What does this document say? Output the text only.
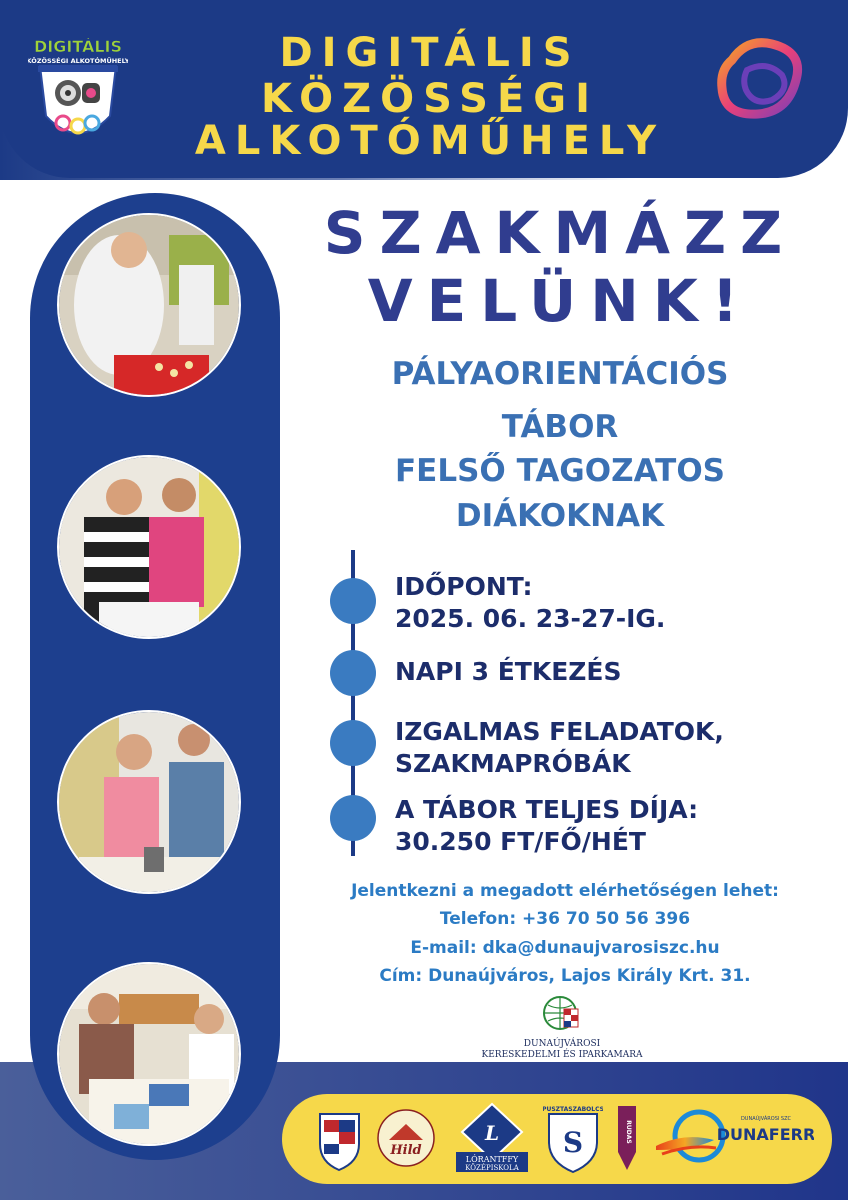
DIGITÁLIS
KÖZÖSSÉGI
ALKOTÓMŰHELY
DIGITÁLIS
KÖZÖSSÉGI ALKOTÓMŰHELY
SZAKMÁZZ
VELÜNK!
PÁLYAORIENTÁCIÓS
TÁBOR
FELSŐ TAGOZATOS
DIÁKOKNAK
IDŐPONT:
2025. 06. 23-27-IG.
NAPI 3 ÉTKEZÉS
IZGALMAS FELADATOK,
SZAKMAPRÓBÁK
A TÁBOR TELJES DÍJA:
30.250 FT/FŐ/HÉT
Jelentkezni a megadott elérhetőségen lehet:
Telefon: +36 70 50 56 396
E-mail: dka@dunaujvarosiszc.hu
Cím: Dunaújváros, Lajos Király Krt. 31.
DUNAÚJVÁROSI
KERESKEDELMI ÉS IPARKAMARA
Hild
L
LÓRANTFFY
KÖZÉPISKOLA
PUSZTASZABOLCS
S	RUDAS
DUNAÚJVÁROSI SZC
DUNAFERR
